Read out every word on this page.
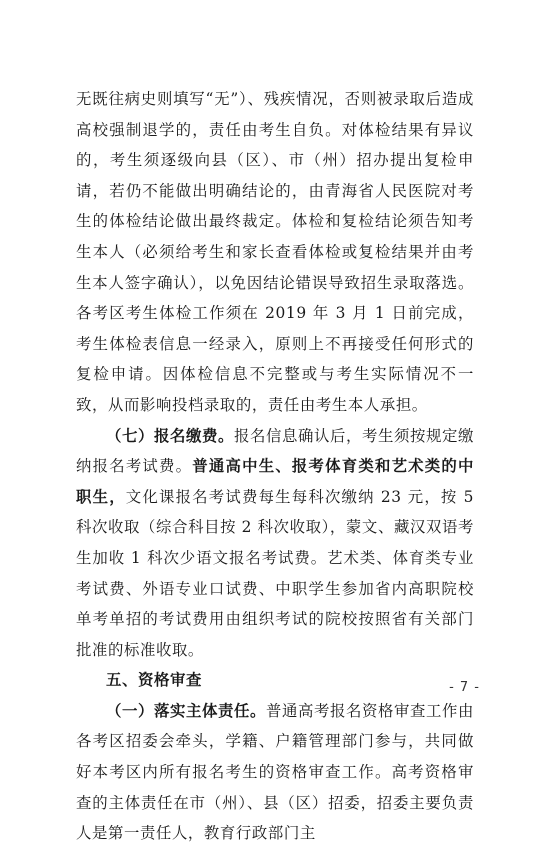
无既往病史则填写“无”）、残疾情况，否则被录取后造成高校强制退学的，责任由考生自负。对体检结果有异议的，考生须逐级向县（区）、市（州）招办提出复检申请，若仍不能做出明确结论的，由青海省人民医院对考生的体检结论做出最终裁定。体检和复检结论须告知考生本人（必须给考生和家长查看体检或复检结果并由考生本人签字确认），以免因结论错误导致招生录取落选。各考区考生体检工作须在 2019 年 3 月 1 日前完成，考生体检表信息一经录入，原则上不再接受任何形式的复检申请。因体检信息不完整或与考生实际情况不一致，从而影响投档录取的，责任由考生本人承担。

（七）报名缴费。报名信息确认后，考生须按规定缴纳报名考试费。普通高中生、报考体育类和艺术类的中职生，文化课报名考试费每生每科次缴纳 23 元，按 5 科次收取（综合科目按 2 科次收取），蒙文、藏汉双语考生加收 1 科次少语文报名考试费。艺术类、体育类专业考试费、外语专业口试费、中职学生参加省内高职院校单考单招的考试费用由组织考试的院校按照省有关部门批准的标准收取。

五、资格审查

（一）落实主体责任。普通高考报名资格审查工作由各考区招委会牵头，学籍、户籍管理部门参与，共同做好本考区内所有报名考生的资格审查工作。高考资格审查的主体责任在市（州）、县（区）招委，招委主要负责人是第一责任人，教育行政部门主

- 7 -
